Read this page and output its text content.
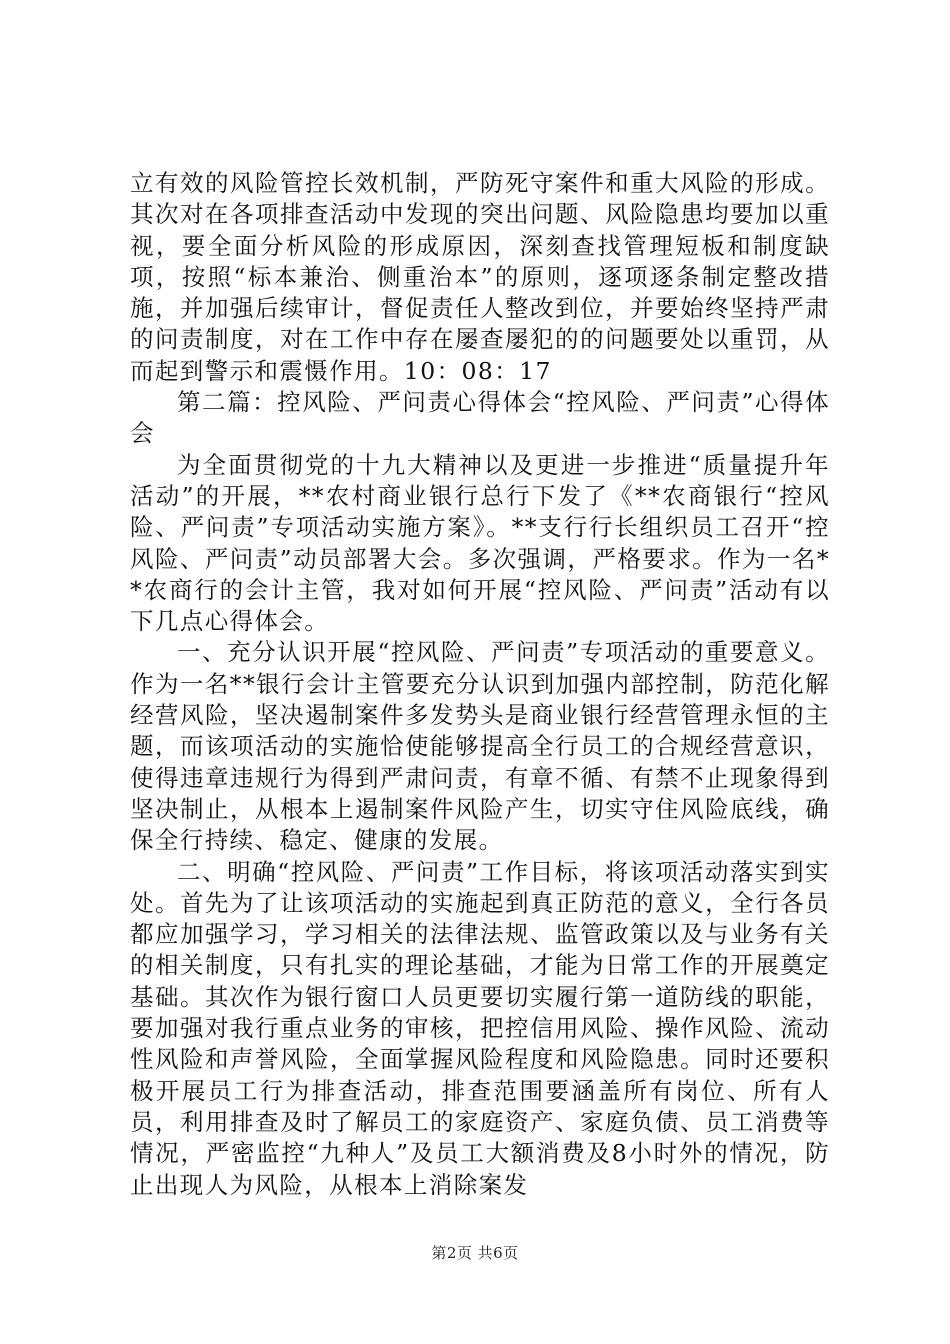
立有效的风险管控长效机制，严防死守案件和重大风险的形成。其次对在各项排查活动中发现的突出问题、风险隐患均要加以重视，要全面分析风险的形成原因，深刻查找管理短板和制度缺项，按照“标本兼治、侧重治本”的原则，逐项逐条制定整改措施，并加强后续审计，督促责任人整改到位，并要始终坚持严肃的问责制度，对在工作中存在屡查屡犯的的问题要处以重罚，从而起到警示和震慑作用。10：08：17

第二篇：控风险、严问责心得体会“控风险、严问责”心得体会

为全面贯彻党的十九大精神以及更进一步推进“质量提升年活动”的开展，**农村商业银行总行下发了《**农商银行“控风险、严问责”专项活动实施方案》。**支行行长组织员工召开“控风险、严问责”动员部署大会。多次强调，严格要求。作为一名**农商行的会计主管，我对如何开展“控风险、严问责”活动有以下几点心得体会。

一、充分认识开展“控风险、严问责”专项活动的重要意义。作为一名**银行会计主管要充分认识到加强内部控制，防范化解经营风险，坚决遏制案件多发势头是商业银行经营管理永恒的主题，而该项活动的实施恰使能够提高全行员工的合规经营意识，使得违章违规行为得到严肃问责，有章不循、有禁不止现象得到坚决制止，从根本上遏制案件风险产生，切实守住风险底线，确保全行持续、稳定、健康的发展。

二、明确“控风险、严问责”工作目标，将该项活动落实到实处。首先为了让该项活动的实施起到真正防范的意义，全行各员都应加强学习，学习相关的法律法规、监管政策以及与业务有关的相关制度，只有扎实的理论基础，才能为日常工作的开展奠定基础。其次作为银行窗口人员更要切实履行第一道防线的职能，要加强对我行重点业务的审核，把控信用风险、操作风险、流动性风险和声誉风险，全面掌握风险程度和风险隐患。同时还要积极开展员工行为排查活动，排查范围要涵盖所有岗位、所有人员，利用排查及时了解员工的家庭资产、家庭负债、员工消费等情况，严密监控“九种人”及员工大额消费及8小时外的情况，防止出现人为风险，从根本上消除案发

第2页 共6页
